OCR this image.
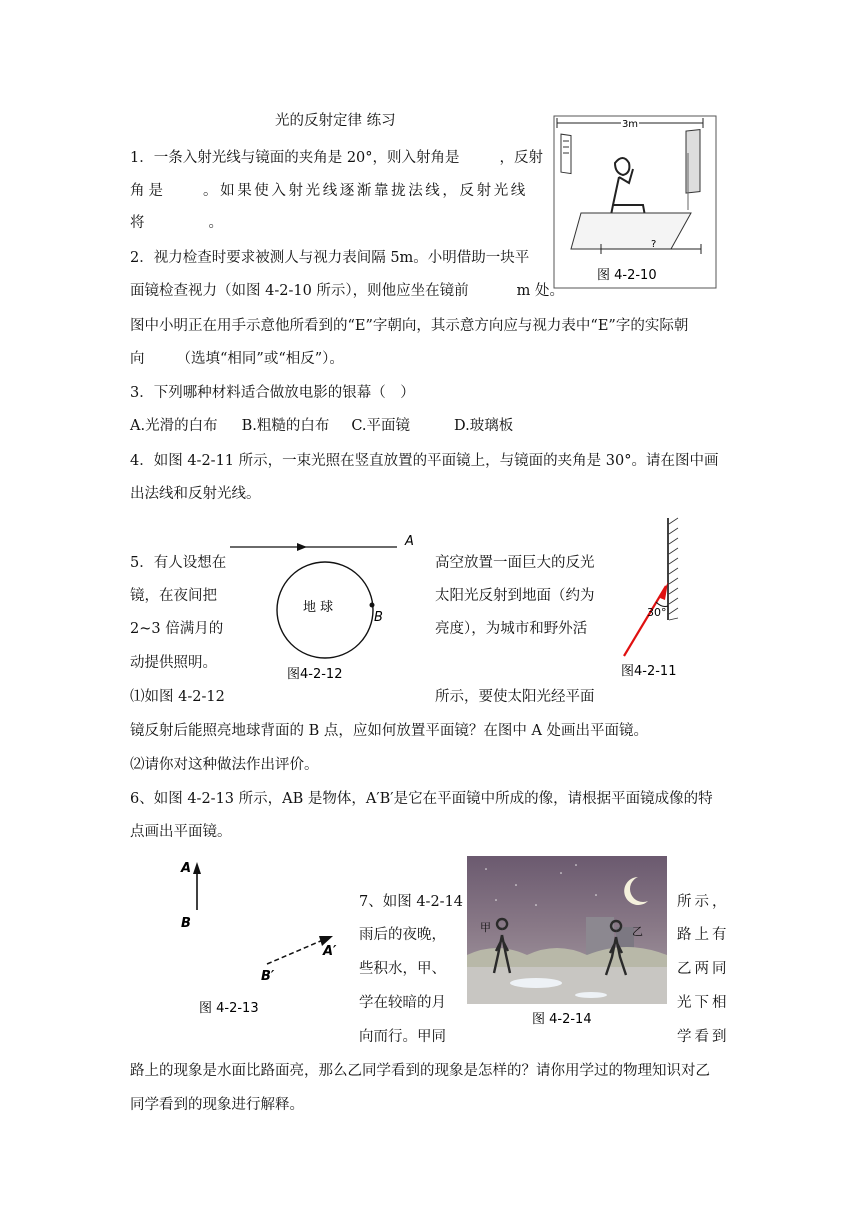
光的反射定律 练习
1．一条入射光线与镜面的夹角是 20°，则入射角是	，反射
角是 。如果使入射光线逐渐靠拢法线，反射光线
将	。
2．视力检查时要求被测人与视力表间隔 5m。小明借助一块平
面镜检查视力（如图 4-2-10 所示），则他应坐在镜前	m 处。
图中小明正在用手示意他所看到的“E”字朝向，其示意方向应与视力表中“E”字的实际朝
向 （选填“相同”或“相反”）。
3．下列哪种材料适合做放电影的银幕（　）
A.光滑的白布 B.粗糙的白布 C.平面镜	D.玻璃板
4．如图 4-2-11 所示，一束光照在竖直放置的平面镜上，与镜面的夹角是 30°。请在图中画
出法线和反射光线。
5．有人设想在
镜，在夜间把
2~3 倍满月的
动提供照明。
高空放置一面巨大的反光
太阳光反射到地面（约为
亮度），为城市和野外活
⑴如图 4-2-12	所示，要使太阳光经平面
镜反射后能照亮地球背面的 B 点，应如何放置平面镜？在图中 A 处画出平面镜。
⑵请你对这种做法作出评价。
6、如图 4-2-13 所示，AB 是物体，A′B′是它在平面镜中所成的像，请根据平面镜成像的特
点画出平面镜。
7、如图 4-2-14
雨后的夜晚，
些积水，甲、
学在较暗的月
向而行。甲同
所示，
路上有
乙两同
光下相
学看到
路上的现象是水面比路面亮，那么乙同学看到的现象是怎样的？请你用学过的物理知识对乙
同学看到的现象进行解释。
3m
?
图 4-2-10
A
地 球
B
图4-2-12
30°
图4-2-11
A
B
A′
B′
图 4-2-13
甲	乙
图 4-2-14
